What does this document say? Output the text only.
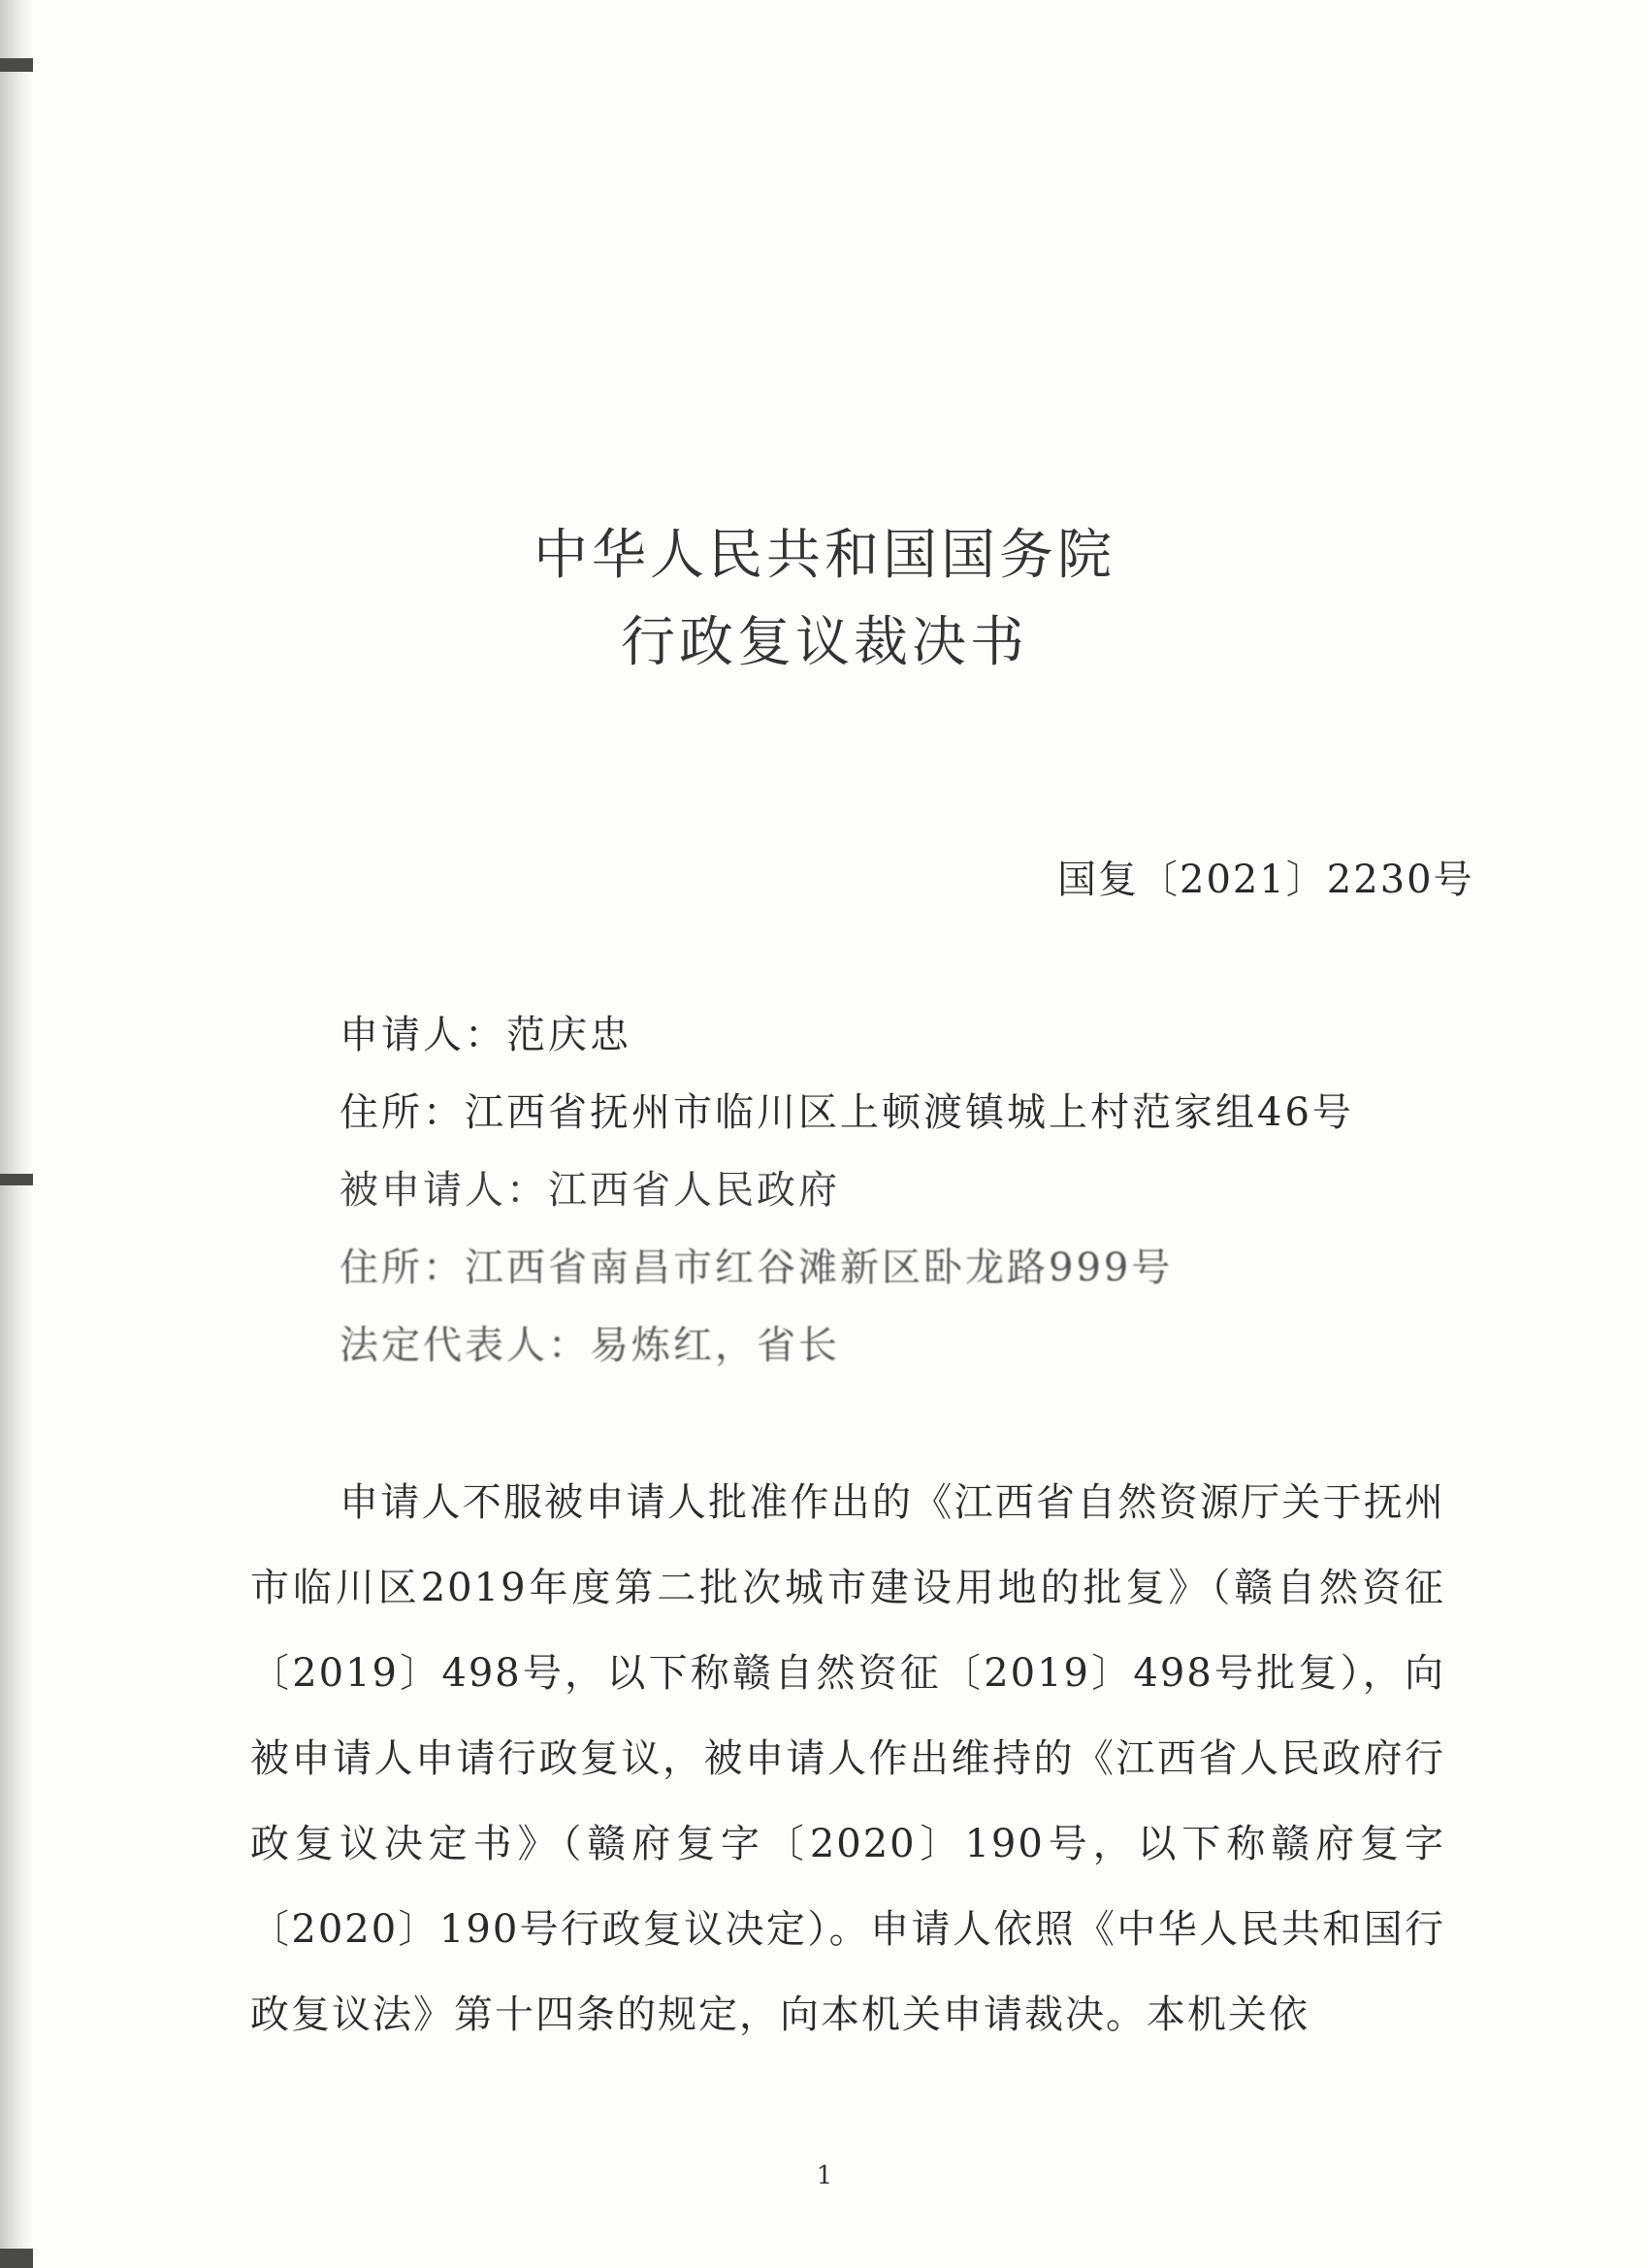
中华人民共和国国务院
行政复议裁决书
国复〔2021〕2230号
申请人：范庆忠
住所：江西省抚州市临川区上顿渡镇城上村范家组46号
被申请人：江西省人民政府
住所：江西省南昌市红谷滩新区卧龙路999号
法定代表人：易炼红，省长

申请人不服被申请人批准作出的《江西省自然资源厅关于抚州市临川区2019年度第二批次城市建设用地的批复》（赣自然资征〔2019〕498号，以下称赣自然资征〔2019〕498号批复），向被申请人申请行政复议，被申请人作出维持的《江西省人民政府行政复议决定书》（赣府复字〔2020〕190号，以下称赣府复字〔2020〕190号行政复议决定）。申请人依照《中华人民共和国行政复议法》第十四条的规定，向本机关申请裁决。本机关依

1
